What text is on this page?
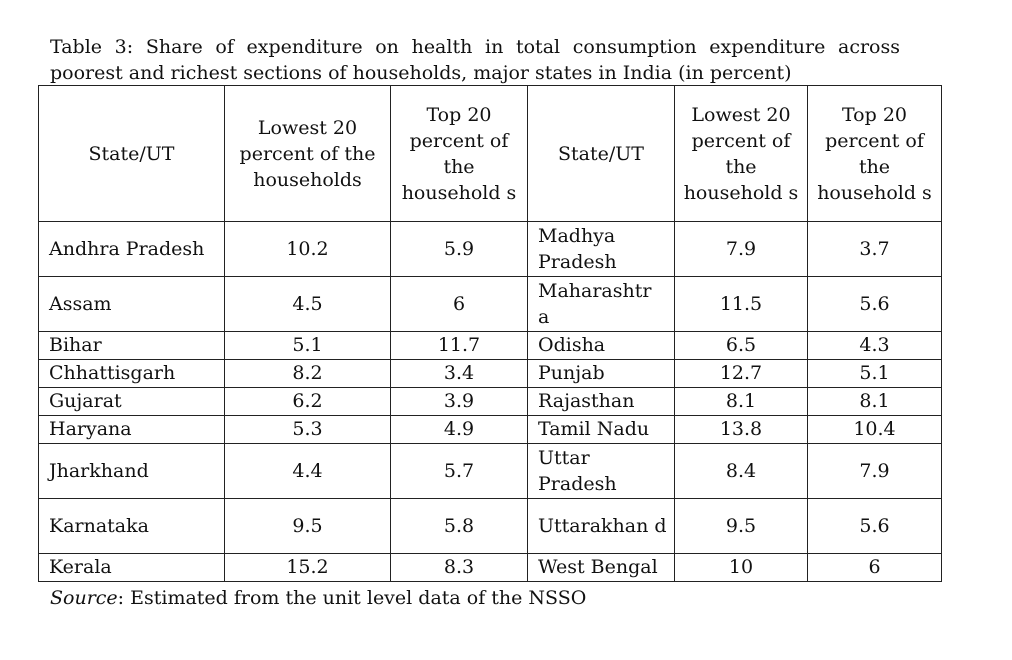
Table 3: Share of expenditure on health in total consumption expenditure across poorest and richest sections of households, major states in India (in percent)
State/UT	Lowest 20 percent of the households	Top 20 percent of the household s	State/UT	Lowest 20 percent of the household s	Top 20 percent of the household s
Andhra Pradesh	10.2	5.9	Madhya Pradesh	7.9	3.7
Assam	4.5	6	Maharashtr a	11.5	5.6
Bihar	5.1	11.7	Odisha	6.5	4.3
Chhattisgarh	8.2	3.4	Punjab	12.7	5.1
Gujarat	6.2	3.9	Rajasthan	8.1	8.1
Haryana	5.3	4.9	Tamil Nadu	13.8	10.4
Jharkhand	4.4	5.7	Uttar Pradesh	8.4	7.9
Karnataka	9.5	5.8	Uttarakhan d	9.5	5.6
Kerala	15.2	8.3	West Bengal	10	6
Source: Estimated from the unit level data of the NSSO
